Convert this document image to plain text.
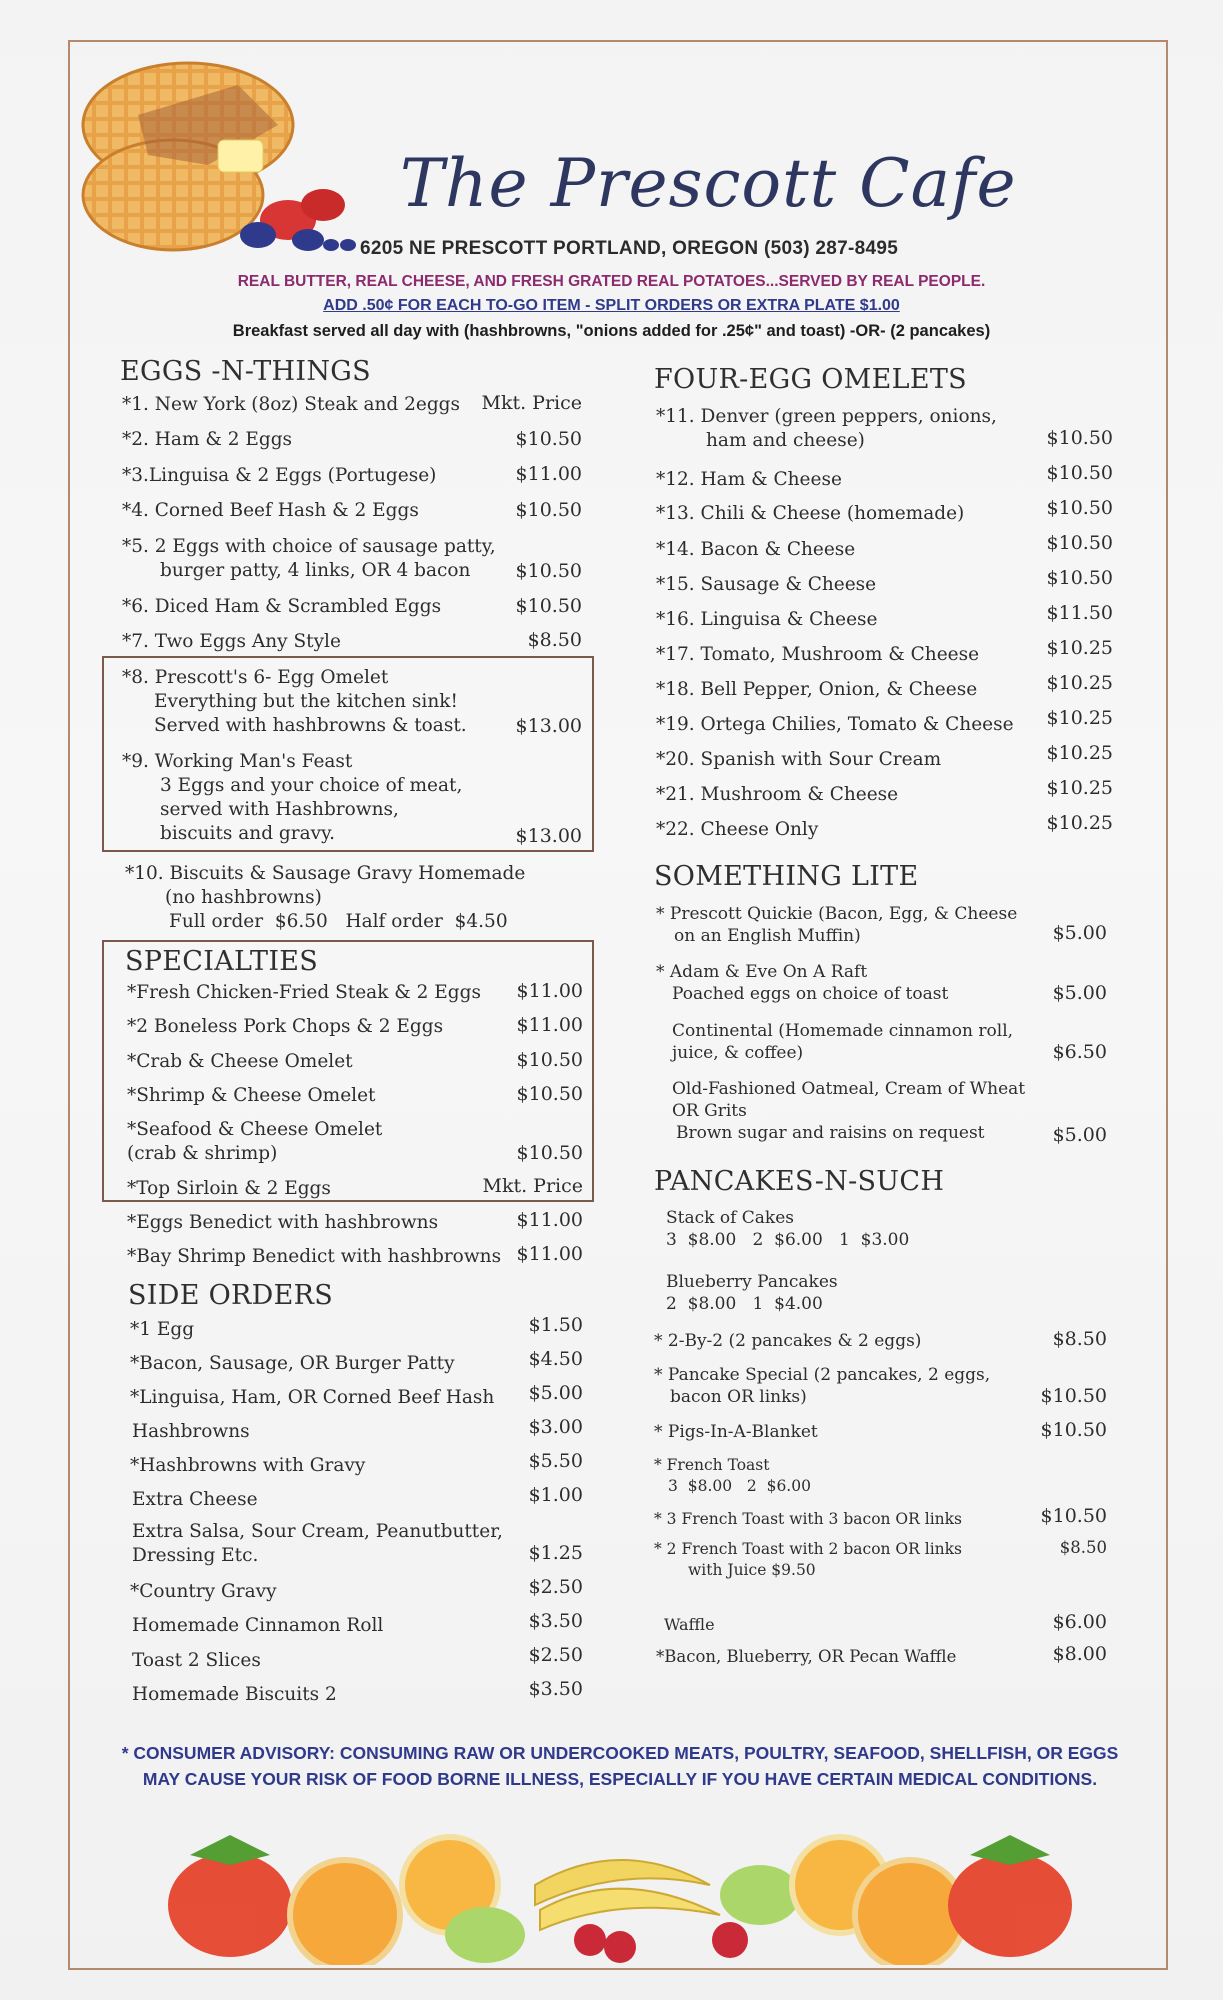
The Prescott Cafe
6205 NE PRESCOTT PORTLAND, OREGON (503) 287-8495
REAL BUTTER, REAL CHEESE, AND FRESH GRATED REAL POTATOES...SERVED BY REAL PEOPLE.
ADD .50¢ FOR EACH TO-GO ITEM - SPLIT ORDERS OR EXTRA PLATE $1.00
Breakfast served all day with (hashbrowns, "onions added for .25¢" and toast) -OR- (2 pancakes)
EGGS -N-THINGS
*1. New York (8oz) Steak and 2eggs	Mkt. Price
*2. Ham & 2 Eggs	$10.50
*3.Linguisa & 2 Eggs (Portugese)	$11.00
*4. Corned Beef Hash & 2 Eggs	$10.50
*5. 2 Eggs with choice of sausage patty,
burger patty, 4 links, OR 4 bacon	$10.50
*6. Diced Ham & Scrambled Eggs	$10.50
*7. Two Eggs Any Style	$8.50
*8. Prescott's 6- Egg Omelet
Everything but the kitchen sink!
Served with hashbrowns & toast.	$13.00
*9. Working Man's Feast
3 Eggs and your choice of meat,
served with Hashbrowns,
biscuits and gravy.	$13.00
*10. Biscuits & Sausage Gravy Homemade
(no hashbrowns)
Full order  $6.50   Half order  $4.50
SPECIALTIES
*Fresh Chicken-Fried Steak & 2 Eggs	$11.00
*2 Boneless Pork Chops & 2 Eggs	$11.00
*Crab & Cheese Omelet	$10.50
*Shrimp & Cheese Omelet	$10.50
*Seafood & Cheese Omelet
(crab & shrimp)	$10.50
*Top Sirloin & 2 Eggs	Mkt. Price
*Eggs Benedict with hashbrowns	$11.00
*Bay Shrimp Benedict with hashbrowns $11.00
SIDE ORDERS
*1 Egg	$1.50
*Bacon, Sausage, OR Burger Patty	$4.50
*Linguisa, Ham, OR Corned Beef Hash	$5.00
Hashbrowns	$3.00
*Hashbrowns with Gravy	$5.50
Extra Cheese	$1.00
Extra Salsa, Sour Cream, Peanutbutter,
Dressing Etc.	$1.25
*Country Gravy	$2.50
Homemade Cinnamon Roll	$3.50
Toast 2 Slices	$2.50
Homemade Biscuits 2	$3.50
FOUR-EGG OMELETS
*11. Denver (green peppers, onions,
ham and cheese)	$10.50
*12. Ham & Cheese	$10.50
*13. Chili & Cheese (homemade)	$10.50
*14. Bacon & Cheese	$10.50
*15. Sausage & Cheese	$10.50
*16. Linguisa & Cheese	$11.50
*17. Tomato, Mushroom & Cheese	$10.25
*18. Bell Pepper, Onion, & Cheese	$10.25
*19. Ortega Chilies, Tomato & Cheese	$10.25
*20. Spanish with Sour Cream	$10.25
*21. Mushroom & Cheese	$10.25
*22. Cheese Only	$10.25
SOMETHING LITE
* Prescott Quickie (Bacon, Egg, & Cheese
on an English Muffin)	$5.00
* Adam & Eve On A Raft
Poached eggs on choice of toast	$5.00
Continental (Homemade cinnamon roll,
juice, & coffee)	$6.50
Old-Fashioned Oatmeal, Cream of Wheat
OR Grits
Brown sugar and raisins on request	$5.00
PANCAKES-N-SUCH
Stack of Cakes
3  $8.00   2  $6.00   1  $3.00
Blueberry Pancakes
2  $8.00   1  $4.00
* 2-By-2 (2 pancakes & 2 eggs)	$8.50
* Pancake Special (2 pancakes, 2 eggs,
bacon OR links)	$10.50
* Pigs-In-A-Blanket	$10.50
* French Toast
3  $8.00   2  $6.00
* 3 French Toast with 3 bacon OR links	$10.50
* 2 French Toast with 2 bacon OR links
with Juice $9.50
$8.50
Waffle	$6.00
*Bacon, Blueberry, OR Pecan Waffle	$8.00
* CONSUMER ADVISORY: CONSUMING RAW OR UNDERCOOKED MEATS, POULTRY, SEAFOOD, SHELLFISH, OR EGGS MAY CAUSE YOUR RISK OF FOOD BORNE ILLNESS, ESPECIALLY IF YOU HAVE CERTAIN MEDICAL CONDITIONS.
